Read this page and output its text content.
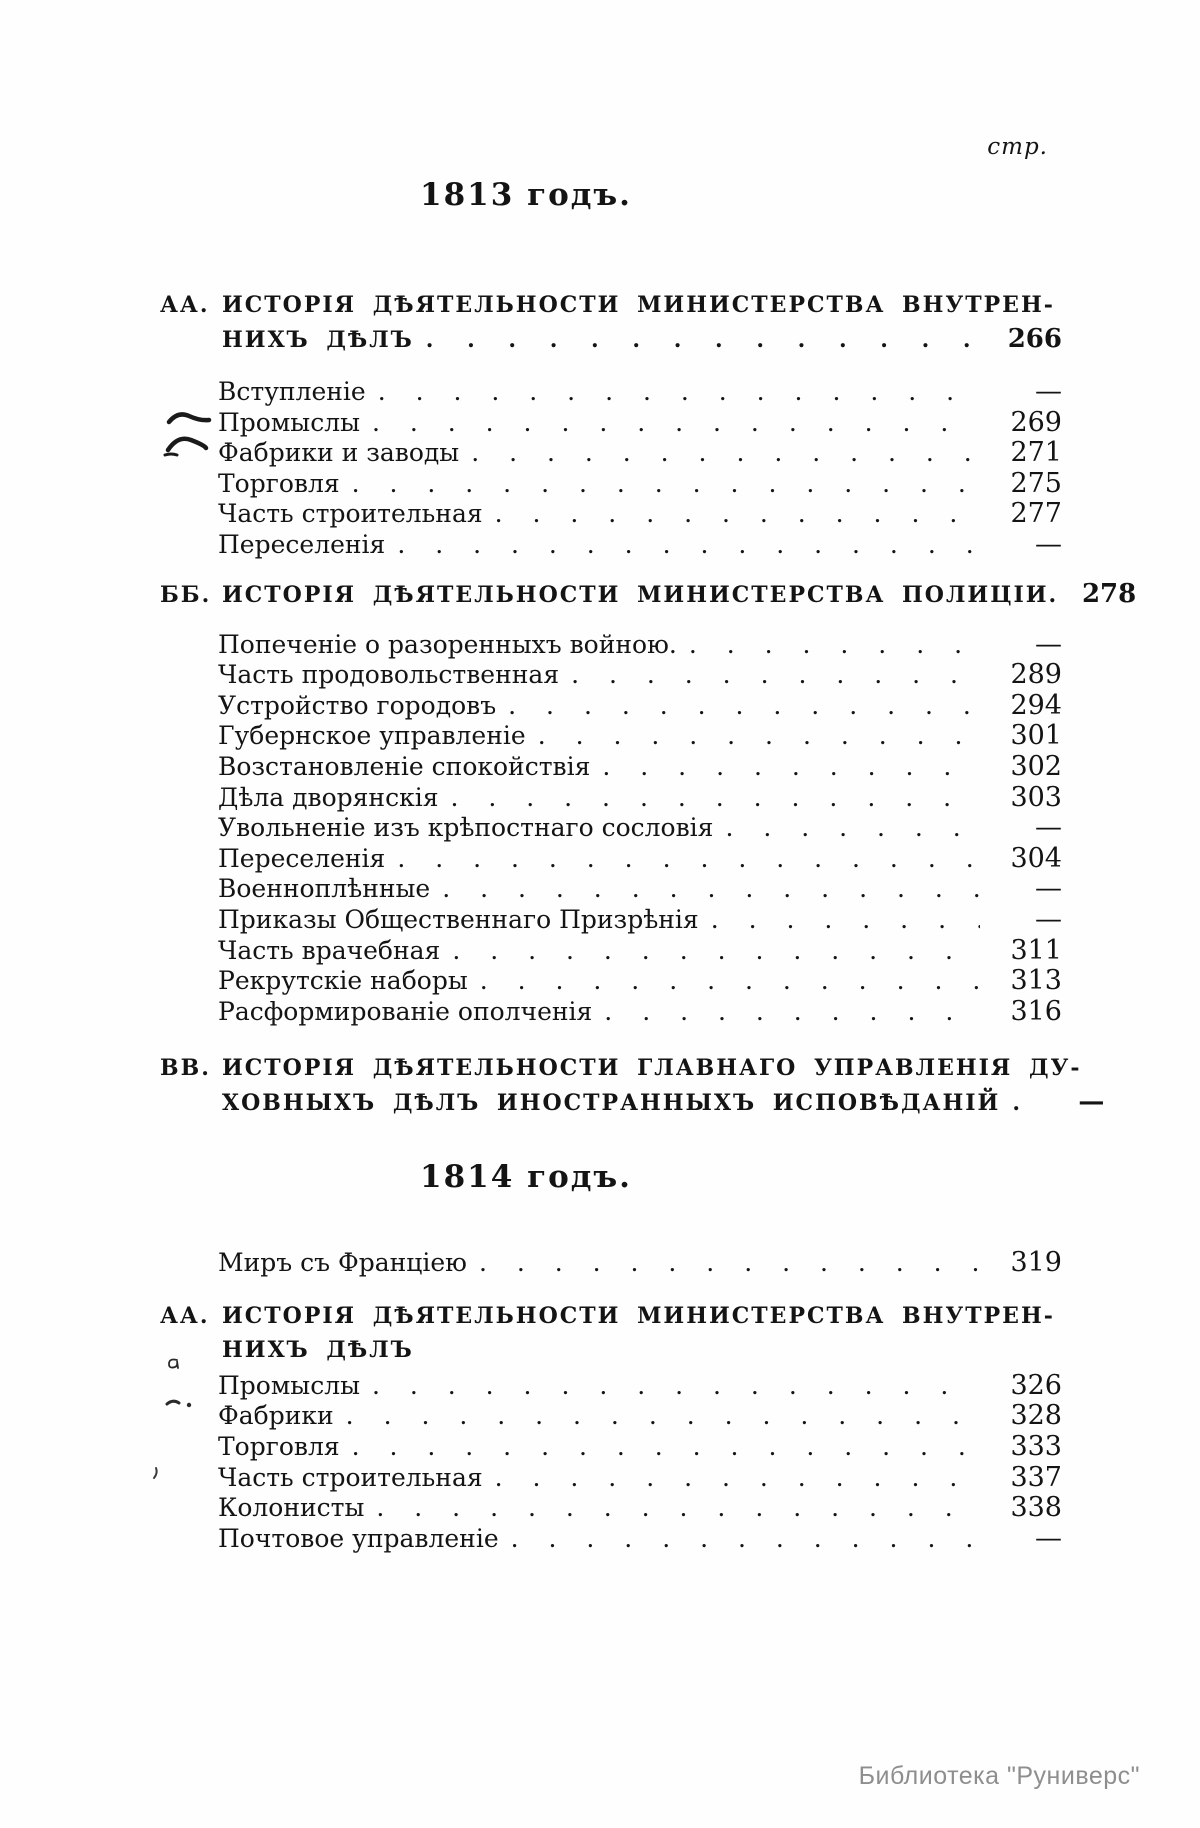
стр.
1813 годъ.
АА. ИСТОРІЯ ДѢЯТЕЛЬНОСТИ МИНИСТЕРСТВА ВНУТРЕН-
НИХЪ ДѢЛЪ . . .	266
Вступленіе . . .	—
Промыслы . . .	269
Фабрики и заводы . . .	271
Торговля . . .	275
Часть строительная . . .	277
Переселенія . . .	—
ББ. ИСТОРІЯ ДѢЯТЕЛЬНОСТИ МИНИСТЕРСТВА ПОЛИЦІИ. 278
Попеченіе о разоренныхъ войною. . . .	—
Часть продовольственная . . .	289
Устройство городовъ . . .	294
Губернское управленіе . . .	301
Возстановленіе спокойствія . . .	302
Дѣла дворянскія . . .	303
Увольненіе изъ крѣпостнаго сословія . . .	—
Переселенія . . .	304
Военноплѣнные . . .	—
Приказы Общественнаго Призрѣнія . . .	—
Часть врачебная . . .	311
Рекрутскіе наборы . . .	313
Расформированіе ополченія . . .	316
ВВ. ИСТОРІЯ ДѢЯТЕЛЬНОСТИ ГЛАВНАГО УПРАВЛЕНІЯ ДУ-
ХОВНЫХЪ ДѢЛЪ ИНОСТРАННЫХЪ ИСПОВѢДАНІЙ . . .	—
1814 годъ.
Миръ съ Франціею . . .	319
АА. ИСТОРІЯ ДѢЯТЕЛЬНОСТИ МИНИСТЕРСТВА ВНУТРЕН-
НИХЪ ДѢЛЪ
Промыслы . . .	326
Фабрики . . .	328
Торговля . . .	333
Часть строительная . . .	337
Колонисты . . .	338
Почтовое управленіе . . .	—
Библиотека "Руниверс"
